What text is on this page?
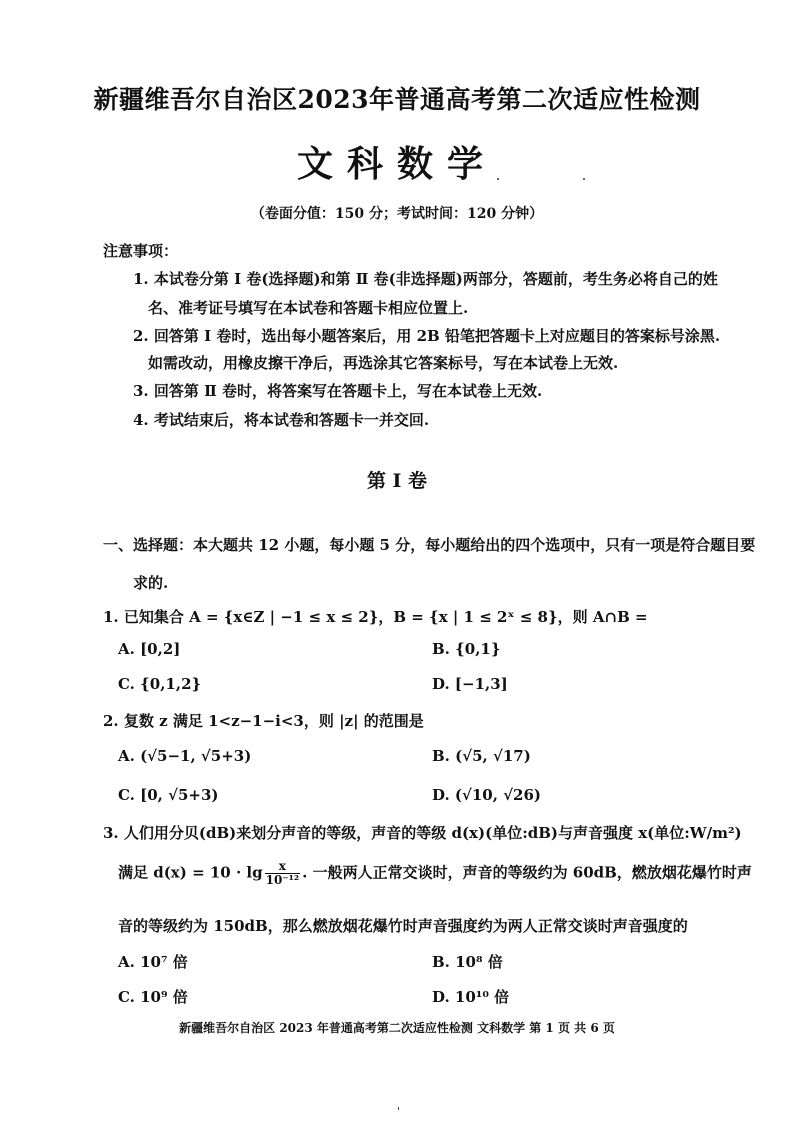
新疆维吾尔自治区2023年普通高考第二次适应性检测
文科数学
（卷面分值：150 分；考试时间：120 分钟）
注意事项：
1. 本试卷分第 Ⅰ 卷(选择题)和第 Ⅱ 卷(非选择题)两部分，答题前，考生务必将自己的姓
名、准考证号填写在本试卷和答题卡相应位置上.
2. 回答第 Ⅰ 卷时，选出每小题答案后，用 2B 铅笔把答题卡上对应题目的答案标号涂黑.
如需改动，用橡皮擦干净后，再选涂其它答案标号，写在本试卷上无效.
3. 回答第 Ⅱ 卷时，将答案写在答题卡上，写在本试卷上无效.
4. 考试结束后，将本试卷和答题卡一并交回.
第 Ⅰ 卷
一、选择题：本大题共 12 小题，每小题 5 分，每小题给出的四个选项中，只有一项是符合题目要
求的.
1. 已知集合 A = {x∈Z | −1 ≤ x ≤ 2}，B = {x | 1 ≤ 2ˣ ≤ 8}，则 A∩B =
A. [0,2]	B. {0,1}
C. {0,1,2}	D. [−1,3]
2. 复数 z 满足 1<z−1−i<3，则 |z| 的范围是
A. (√5−1, √5+3)	B. (√5, √17)
C. [0, √5+3)	D. (√10, √26)
3. 人们用分贝(dB)来划分声音的等级，声音的等级 d(x)(单位:dB)与声音强度 x(单位:W/m²)
满足 $d(x) = 10 \cdot \lg \frac{x}{\text{10⁻¹²}}$ . 一般两人正常交谈时，声音的等级约为 60dB，燃放烟花爆竹时声
音的等级约为 150dB，那么燃放烟花爆竹时声音强度约为两人正常交谈时声音强度的
A. 10⁷ 倍	B. 10⁸ 倍
C. 10⁹ 倍	D. 10¹⁰ 倍
新疆维吾尔自治区 2023 年普通高考第二次适应性检测 文科数学 第 1 页 共 6 页
